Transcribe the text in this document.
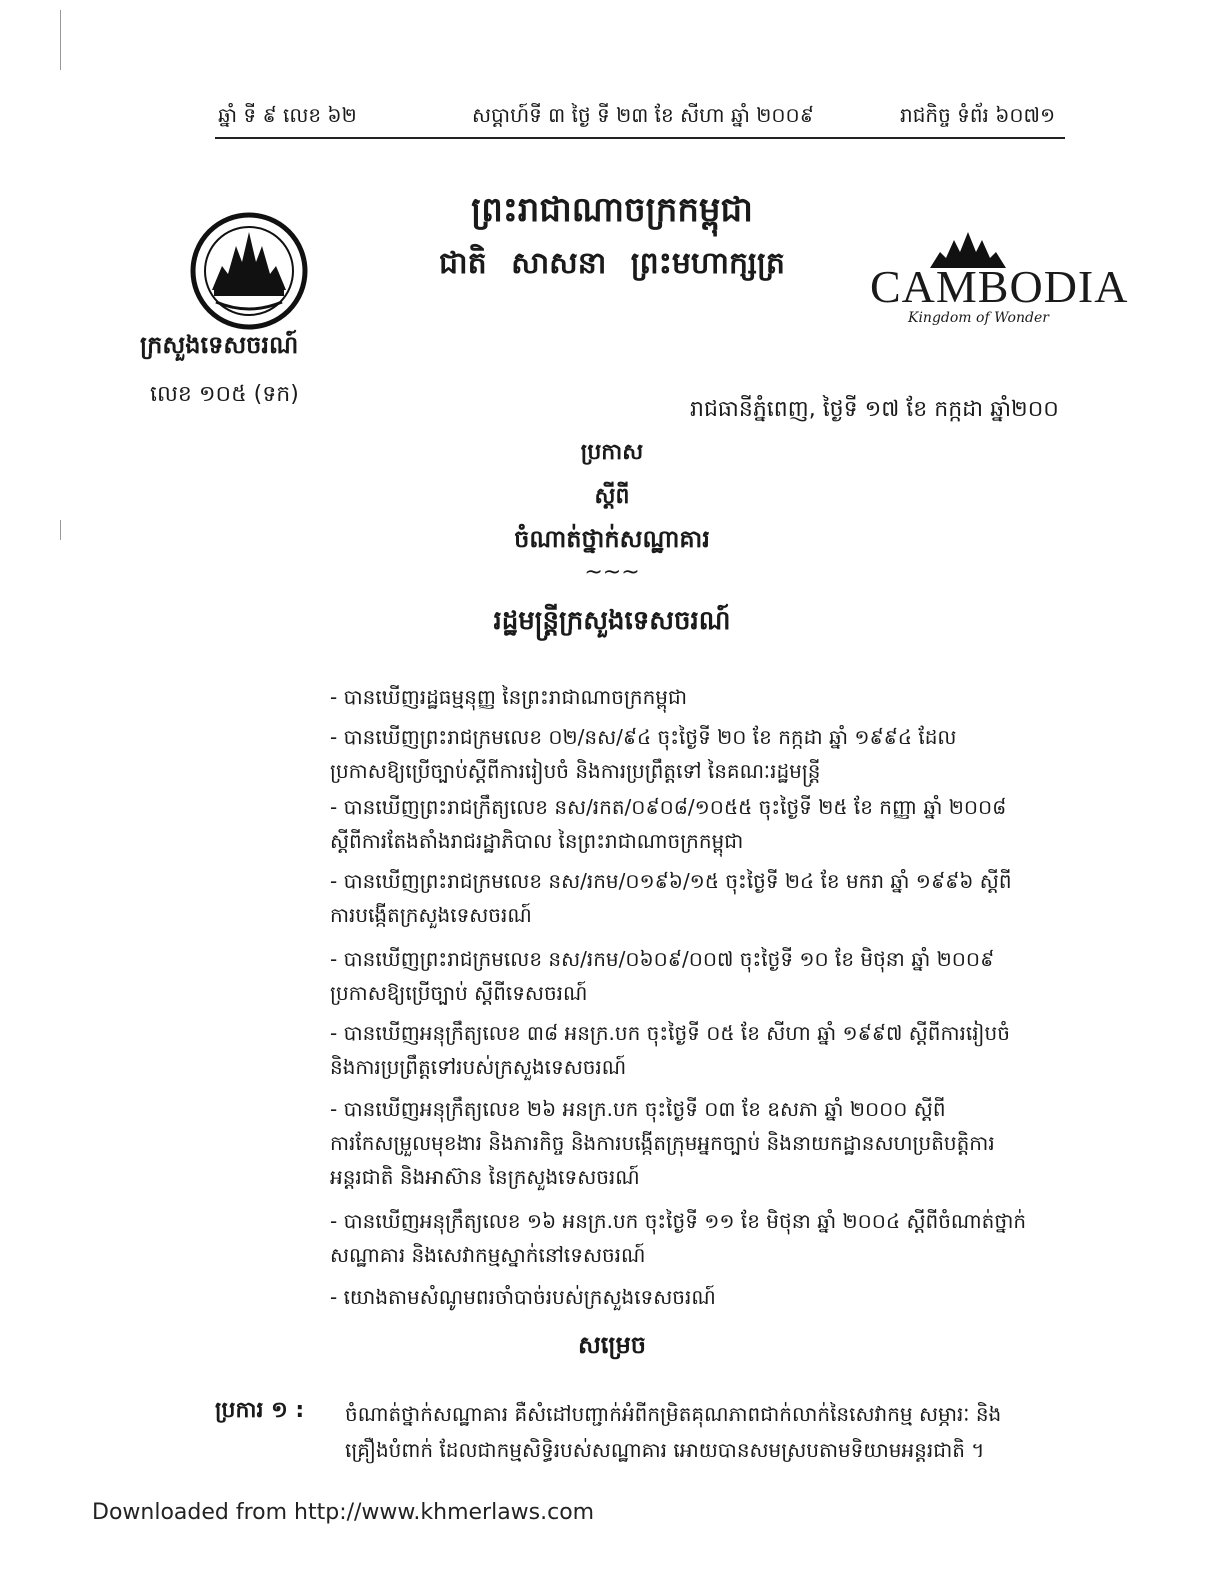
ឆ្នាំ ទី ៩ លេខ ៦២	សប្តាហ៍ទី ៣ ថ្ងៃ ទី ២៣ ខែ សីហា ឆ្នាំ ២០០៩	រាជកិច្ច ទំព័រ ៦០៧១
CAMBODIA
Kingdom of Wonder
ព្រះរាជាណាចក្រកម្ពុជា
ជាតិ សាសនា ព្រះមហាក្សត្រ
ក្រសួងទេសចរណ៍
លេខ ១០៥ (ទក)
រាជធានីភ្នំពេញ, ថ្ងៃទី ១៧ ខែ កក្កដា ឆ្នាំ២០០
ប្រកាស
ស្តីពី
ចំណាត់ថ្នាក់សណ្ឋាគារ
~~~
រដ្ឋមន្ត្រីក្រសួងទេសចរណ៍
- បានឃើញរដ្ឋធម្មនុញ្ញ នៃព្រះរាជាណាចក្រកម្ពុជា
- បានឃើញព្រះរាជក្រមលេខ ០២/នស/៩៤ ចុះថ្ងៃទី ២០ ខែ កក្កដា ឆ្នាំ ១៩៩៤ ដែលប្រកាសឱ្យប្រើច្បាប់ស្តីពីការរៀបចំ និងការប្រព្រឹត្តទៅ នៃគណៈរដ្ឋមន្ត្រី
- បានឃើញព្រះរាជក្រឹត្យលេខ នស/រកត/០៩០៨/១០៥៥ ចុះថ្ងៃទី ២៥ ខែ កញ្ញា ឆ្នាំ ២០០៨ ស្តីពីការតែងតាំងរាជរដ្ឋាភិបាល នៃព្រះរាជាណាចក្រកម្ពុជា
- បានឃើញព្រះរាជក្រមលេខ នស/រកម/០១៩៦/១៥ ចុះថ្ងៃទី ២៤ ខែ មករា ឆ្នាំ ១៩៩៦ ស្តីពីការបង្កើតក្រសួងទេសចរណ៍
- បានឃើញព្រះរាជក្រមលេខ នស/រកម/០៦០៩/០០៧ ចុះថ្ងៃទី ១០ ខែ មិថុនា ឆ្នាំ ២០០៩ ប្រកាសឱ្យប្រើច្បាប់ ស្តីពីទេសចរណ៍
- បានឃើញអនុក្រឹត្យលេខ ៣៨ អនក្រ.បក ចុះថ្ងៃទី ០៥ ខែ សីហា ឆ្នាំ ១៩៩៧ ស្តីពីការរៀបចំ និងការប្រព្រឹត្តទៅរបស់ក្រសួងទេសចរណ៍
- បានឃើញអនុក្រឹត្យលេខ ២៦ អនក្រ.បក ចុះថ្ងៃទី ០៣ ខែ ឧសភា ឆ្នាំ ២០០០ ស្តីពីការកែសម្រួលមុខងារ និងភារកិច្ច និងការបង្កើតក្រុមអ្នកច្បាប់ និងនាយកដ្ឋានសហប្រតិបត្តិការអន្តរជាតិ និងអាស៊ាន នៃក្រសួងទេសចរណ៍
- បានឃើញអនុក្រឹត្យលេខ ១៦ អនក្រ.បក ចុះថ្ងៃទី ១១ ខែ មិថុនា ឆ្នាំ ២០០៤ ស្តីពីចំណាត់ថ្នាក់សណ្ឋាគារ និងសេវាកម្មស្នាក់នៅទេសចរណ៍
- យោងតាមសំណូមពរចាំបាច់របស់ក្រសួងទេសចរណ៍
សម្រេច
ប្រការ ១ : ចំណាត់ថ្នាក់សណ្ឋាគារ គឺសំដៅបញ្ជាក់អំពីកម្រិតគុណភាពជាក់លាក់នៃសេវាកម្ម សម្ភារៈ និងគ្រឿងបំពាក់ ដែលជាកម្មសិទ្ធិរបស់សណ្ឋាគារ អោយបានសមស្របតាមទិយាមអន្តរជាតិ ។
Downloaded from http://www.khmerlaws.com
